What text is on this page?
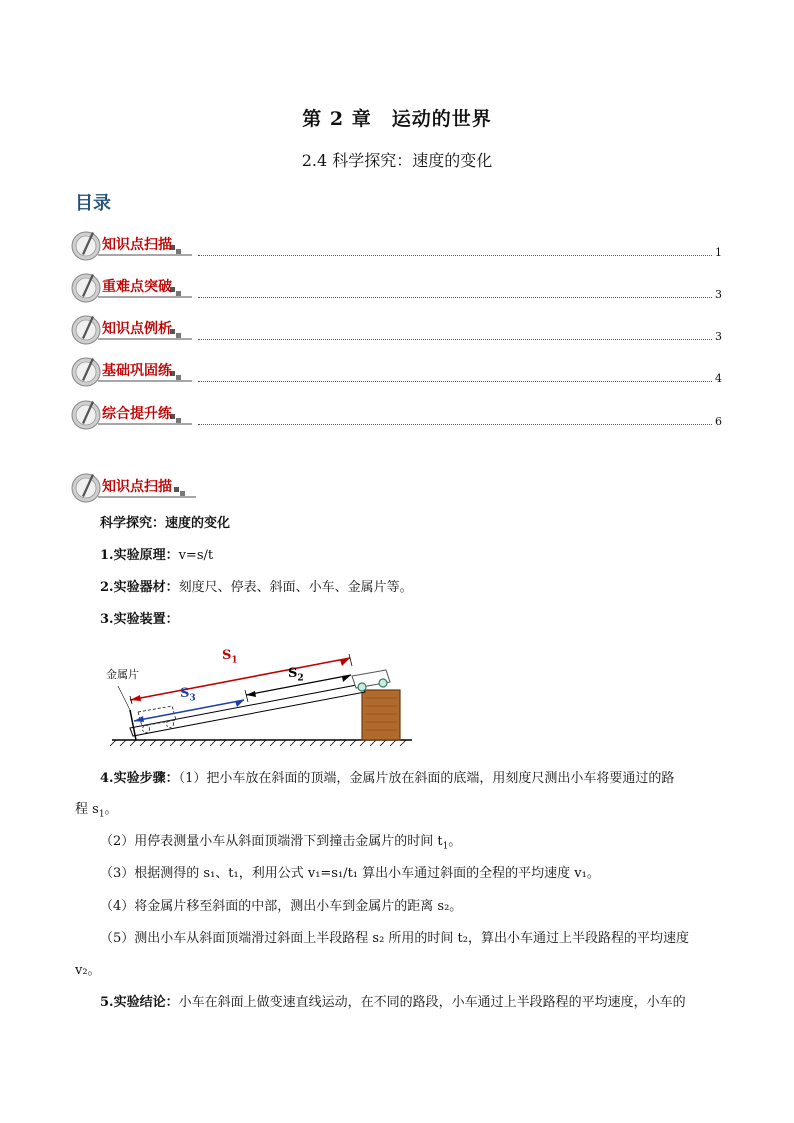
第 2 章　运动的世界
2.4 科学探究：速度的变化
目录
知识点扫描	1
重难点突破	3
知识点例析	3
基础巩固练	4
综合提升练	6
知识点扫描
科学探究：速度的变化
1.实验原理：v=s/t
2.实验器材：刻度尺、停表、斜面、小车、金属片等。
3.实验装置：
金属片
$S_1$
$S_2$
$S_3$
4.实验步骤：（1）把小车放在斜面的顶端，金属片放在斜面的底端，用刻度尺测出小车将要通过的路
程 $s_1$。
（2）用停表测量小车从斜面顶端滑下到撞击金属片的时间 $t_1$。
（3）根据测得的 s₁、t₁，利用公式 v₁=s₁/t₁ 算出小车通过斜面的全程的平均速度 v₁。
（4）将金属片移至斜面的中部，测出小车到金属片的距离 s₂。
（5）测出小车从斜面顶端滑过斜面上半段路程 s₂ 所用的时间 t₂，算出小车通过上半段路程的平均速度
v₂。
5.实验结论：小车在斜面上做变速直线运动，在不同的路段，小车通过上半段路程的平均速度，小车的
